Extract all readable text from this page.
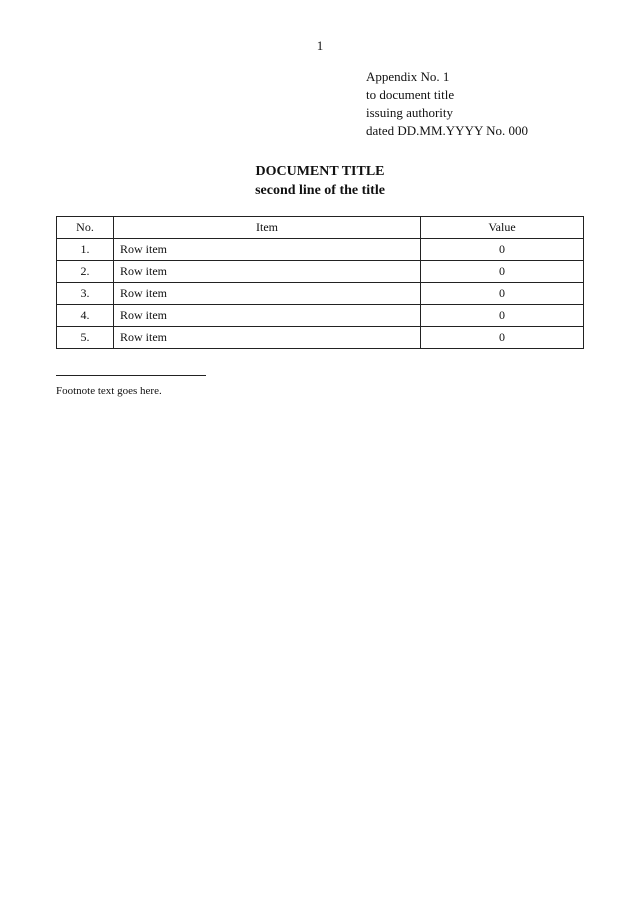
1
Appendix No. 1
to document title
issuing authority
dated DD.MM.YYYY No. 000
DOCUMENT TITLE
second line of the title
No.	Item	Value
1.	Row item	0
2.	Row item	0
3.	Row item	0
4.	Row item	0
5.	Row item	0
Footnote text goes here.
